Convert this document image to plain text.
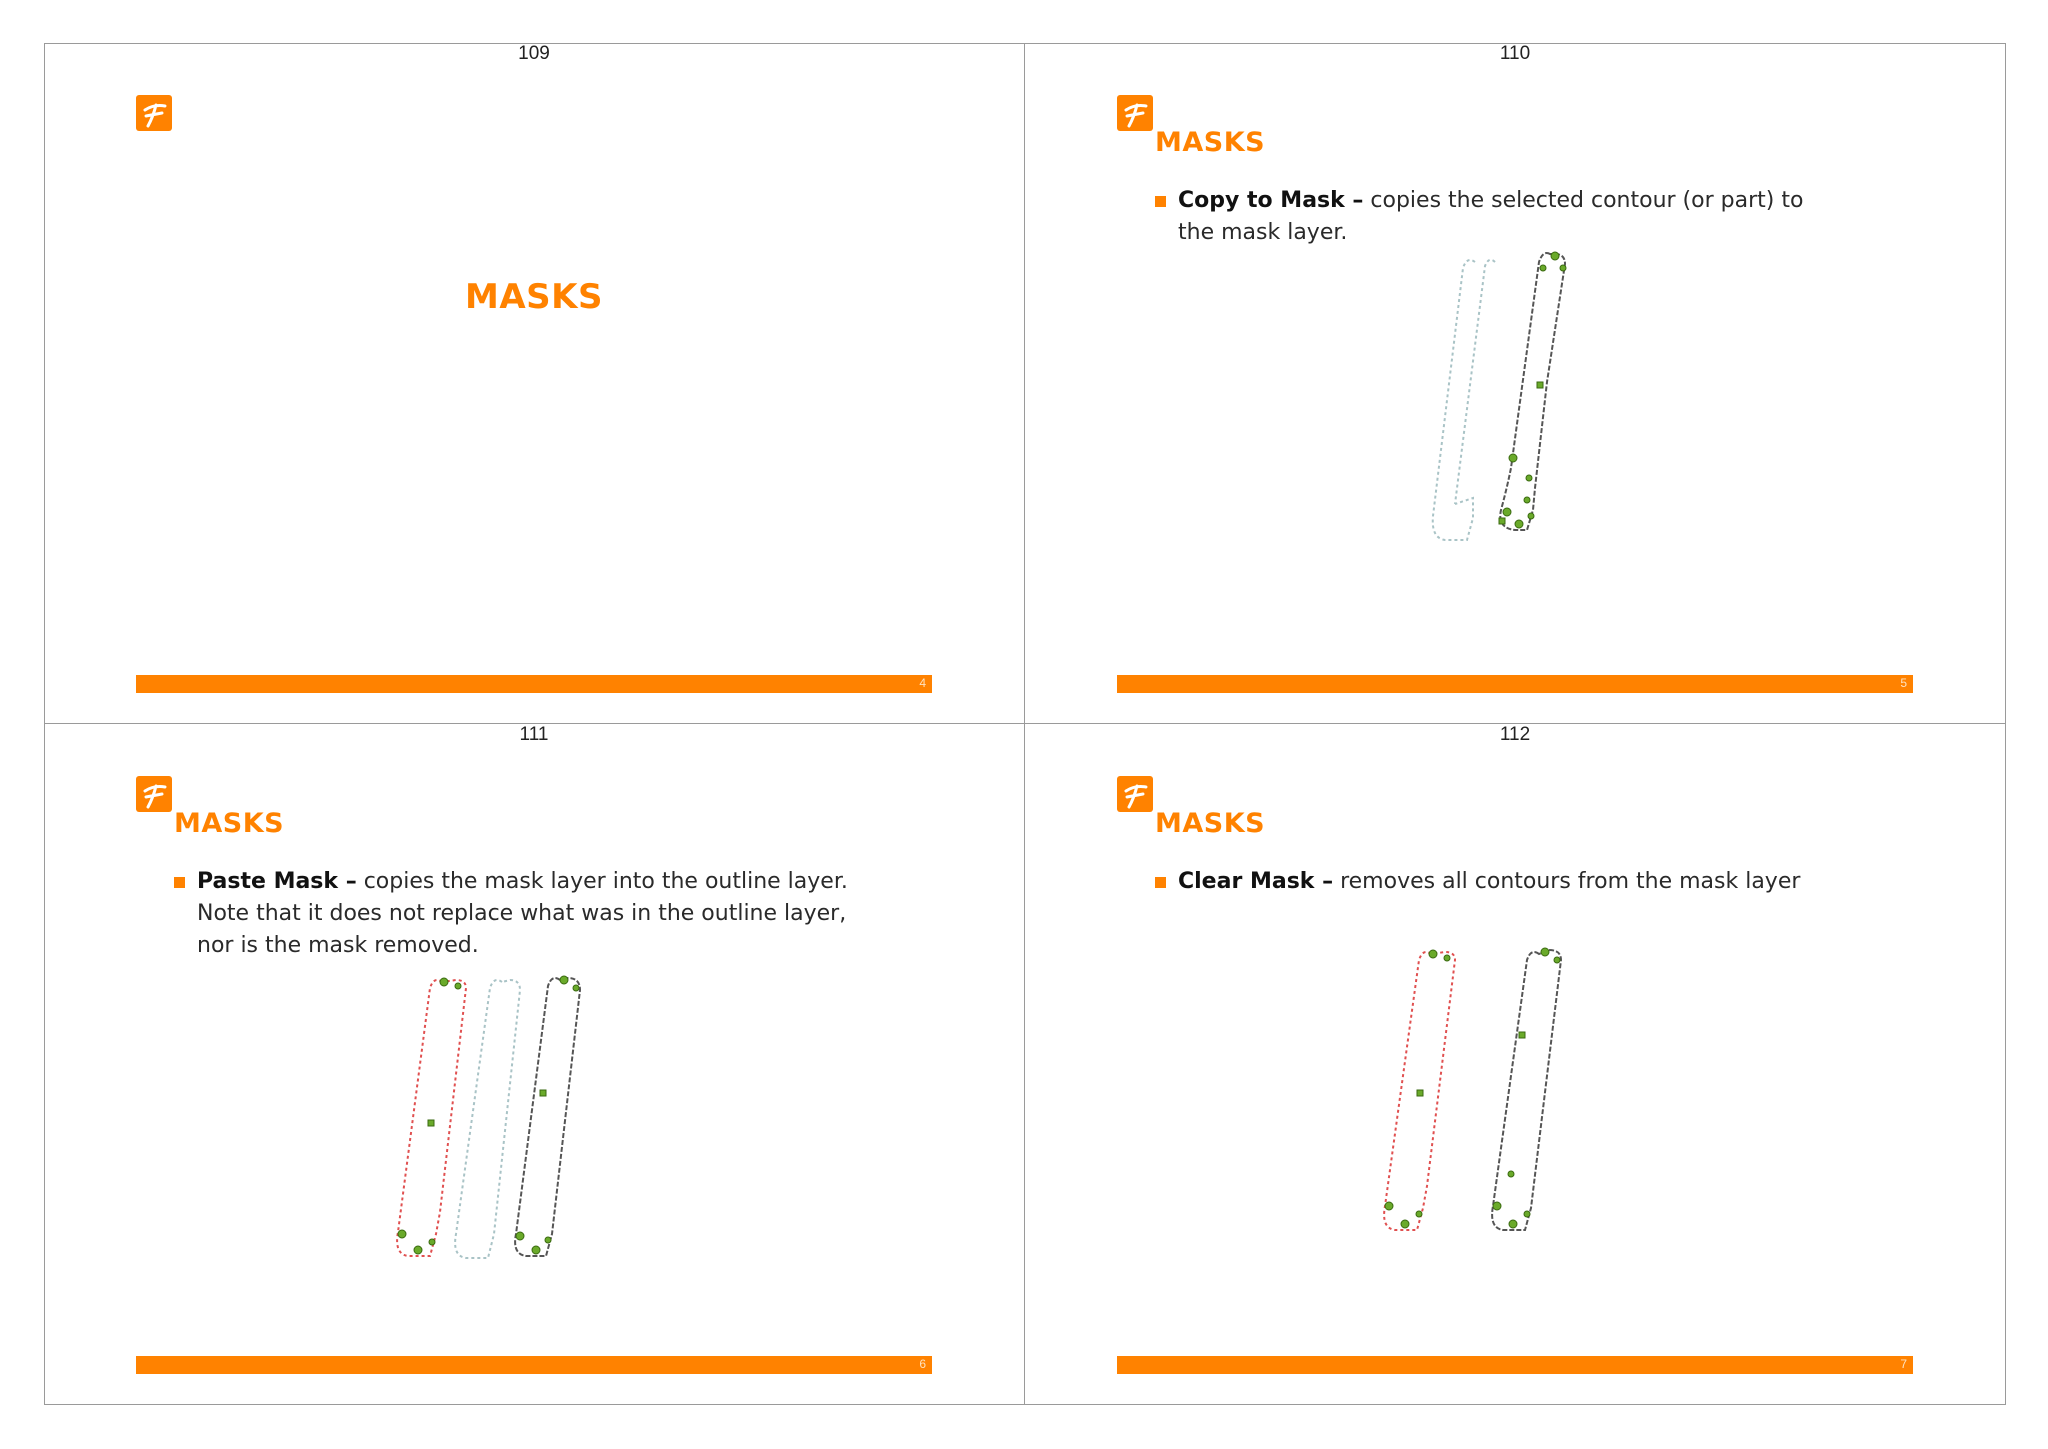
109
MASKS
4
110
MASKS

Copy to Mask – copies the selected contour (or part) to the mask layer.

5
111
MASKS

Paste Mask – copies the mask layer into the outline layer. Note that it does not replace what was in the outline layer, nor is the mask removed.

6
112
MASKS

Clear Mask – removes all contours from the mask layer

7
